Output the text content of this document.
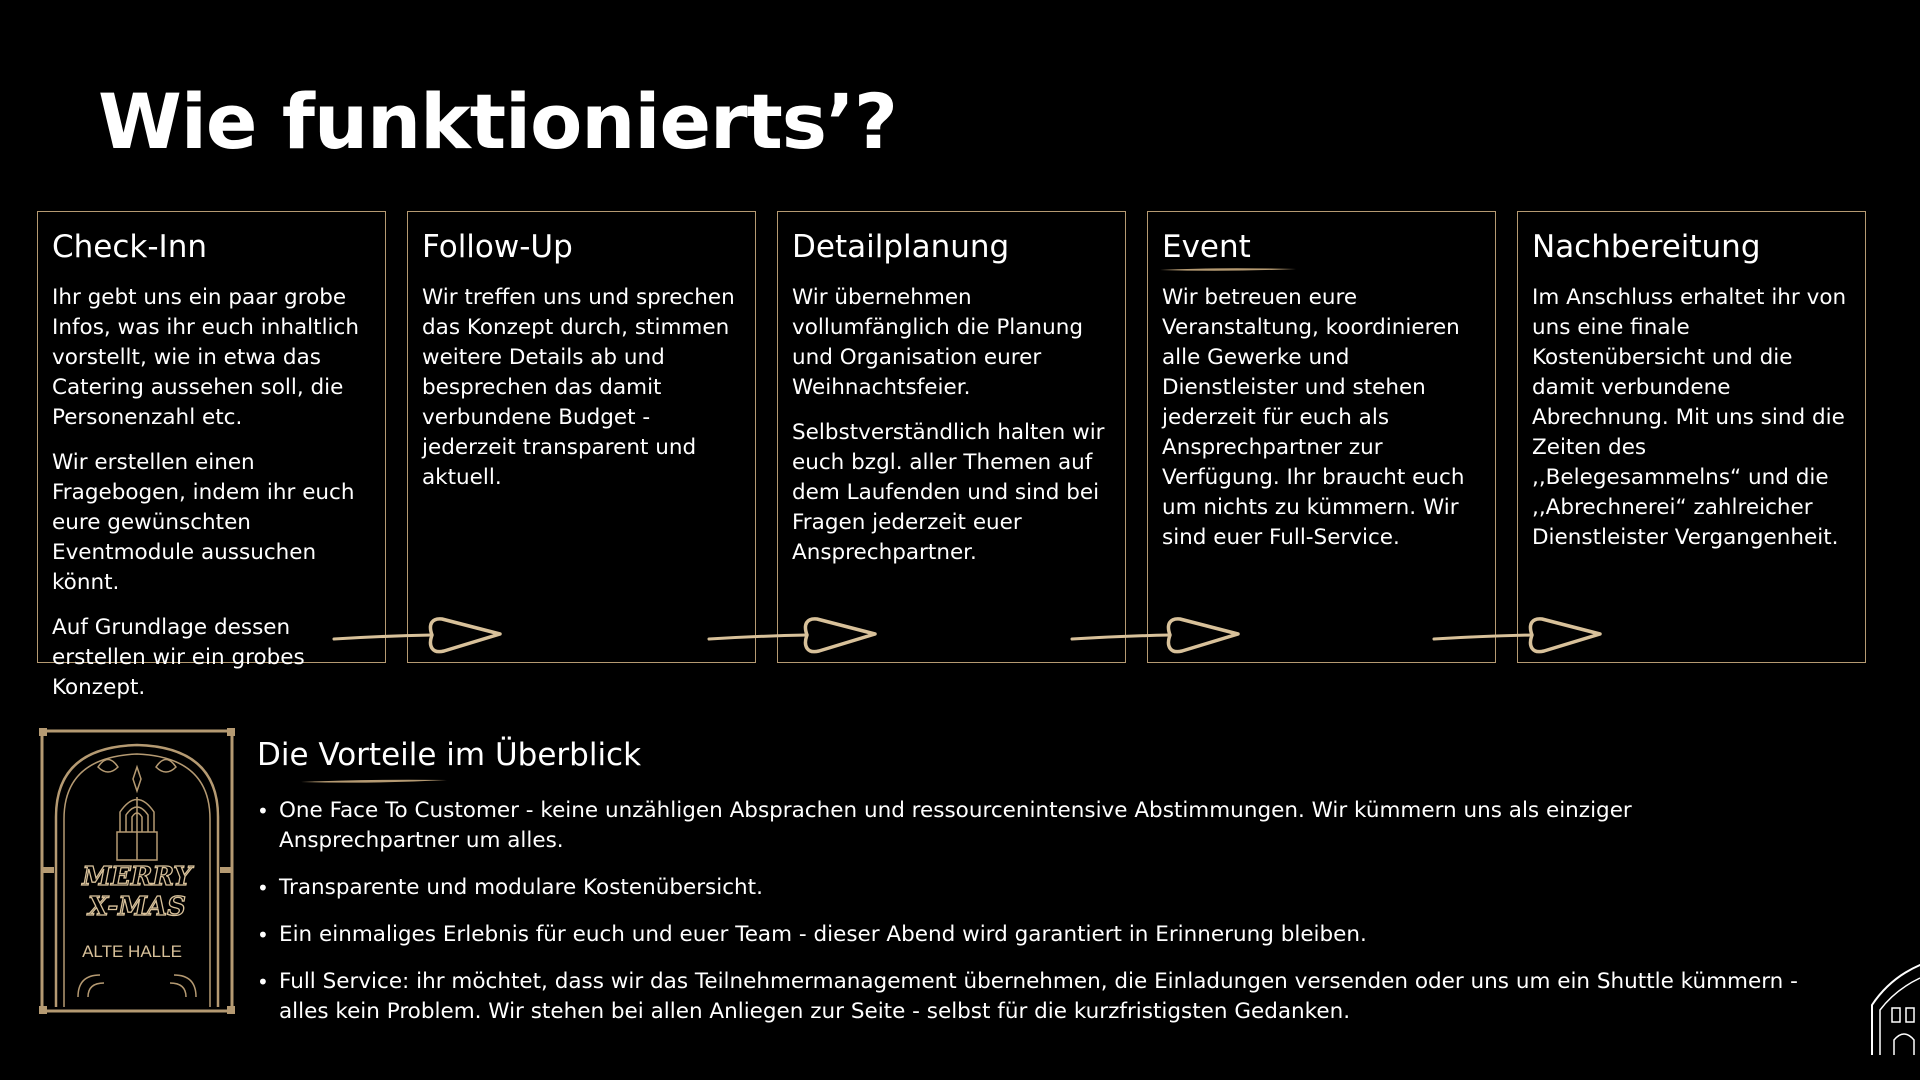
Wie funktionierts’?
Check-Inn

Ihr gebt uns ein paar grobe Infos, was ihr euch inhaltlich vorstellt, wie in etwa das Catering aussehen soll, die Personenzahl etc.

Wir erstellen einen Fragebogen, indem ihr euch eure gewünschten Eventmodule aussuchen könnt.

Auf Grundlage dessen erstellen wir ein grobes Konzept.

Follow-Up

Wir treffen uns und sprechen das Konzept durch, stimmen weitere Details ab und besprechen das damit verbundene Budget - jederzeit transparent und aktuell.

Detailplanung

Wir übernehmen vollumfänglich die Planung und Organisation eurer Weihnachtsfeier.

Selbstverständlich halten wir euch bzgl. aller Themen auf dem Laufenden und sind bei Fragen jederzeit euer Ansprechpartner.

Event

Wir betreuen eure Veranstaltung, koordinieren alle Gewerke und Dienstleister und stehen jederzeit für euch als Ansprechpartner zur Verfügung. Ihr braucht euch um nichts zu kümmern. Wir sind euer Full-Service.

Nachbereitung

Im Anschluss erhaltet ihr von uns eine finale Kostenübersicht und die damit verbundene Abrechnung. Mit uns sind die Zeiten des ,,Belegesammelns“ und die ,,Abrechnerei“ zahlreicher Dienstleister Vergangenheit.

MERRY
X-MAS
ALTE HALLE
Die Vorteile im Überblick
• One Face To Customer - keine unzähligen Absprachen und ressourcenintensive Abstimmungen. Wir kümmern uns als einziger Ansprechpartner um alles.
• Transparente und modulare Kostenübersicht.
• Ein einmaliges Erlebnis für euch und euer Team - dieser Abend wird garantiert in Erinnerung bleiben.
• Full Service: ihr möchtet, dass wir das Teilnehmermanagement übernehmen, die Einladungen versenden oder uns um ein Shuttle kümmern - alles kein Problem. Wir stehen bei allen Anliegen zur Seite - selbst für die kurzfristigsten Gedanken.
